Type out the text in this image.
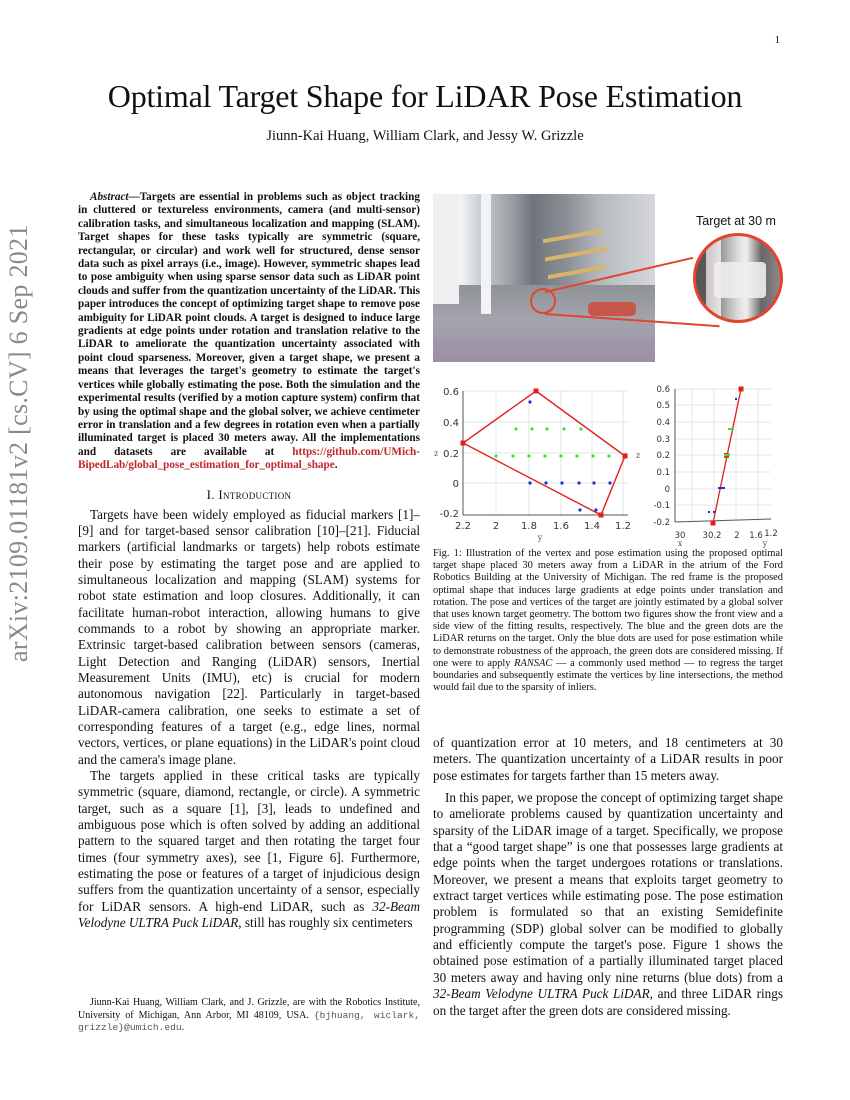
1
arXiv:2109.01181v2 [cs.CV] 6 Sep 2021
Optimal Target Shape for LiDAR Pose Estimation
Jiunn-Kai Huang, William Clark, and Jessy W. Grizzle
Abstract—Targets are essential in problems such as object tracking in cluttered or textureless environments, camera (and multi-sensor) calibration tasks, and simultaneous localization and mapping (SLAM). Target shapes for these tasks typically are symmetric (square, rectangular, or circular) and work well for structured, dense sensor data such as pixel arrays (i.e., image). However, symmetric shapes lead to pose ambiguity when using sparse sensor data such as LiDAR point clouds and suffer from the quantization uncertainty of the LiDAR. This paper introduces the concept of optimizing target shape to remove pose ambiguity for LiDAR point clouds. A target is designed to induce large gradients at edge points under rotation and translation relative to the LiDAR to ameliorate the quantization uncertainty associated with point cloud sparseness. Moreover, given a target shape, we present a means that leverages the target's geometry to estimate the target's vertices while globally estimating the pose. Both the simulation and the experimental results (verified by a motion capture system) confirm that by using the optimal shape and the global solver, we achieve centimeter error in translation and a few degrees in rotation even when a partially illuminated target is placed 30 meters away. All the implementations and datasets are available at https://github.com/UMich-BipedLab/global_pose_estimation_for_optimal_shape.
I. Introduction

Targets have been widely employed as fiducial markers [1]–[9] and for target-based sensor calibration [10]–[21]. Fiducial markers (artificial landmarks or targets) help robots estimate their pose by estimating the target pose and are applied to simultaneous localization and mapping (SLAM) systems for robot state estimation and loop closures. Additionally, it can facilitate human-robot interaction, allowing humans to give commands to a robot by showing an appropriate marker. Extrinsic target-based calibration between sensors (cameras, Light Detection and Ranging (LiDAR) sensors, Inertial Measurement Units (IMU), etc) is crucial for modern autonomous navigation [22]. Particularly in target-based LiDAR-camera calibration, one seeks to estimate a set of corresponding features of a target (e.g., edge lines, normal vectors, vertices, or plane equations) in the LiDAR's point cloud and the camera's image plane.

The targets applied in these critical tasks are typically symmetric (square, diamond, rectangle, or circle). A symmetric target, such as a square [1], [3], leads to undefined and ambiguous pose which is often solved by adding an additional pattern to the squared target and then rotating the target four times (four symmetry axes), see [1, Figure 6]. Furthermore, estimating the pose or features of a target of injudicious design suffers from the quantization uncertainty of a sensor, especially for LiDAR sensors. A high-end LiDAR, such as 32-Beam Velodyne ULTRA Puck LiDAR, still has roughly six centimeters

Jiunn-Kai Huang, William Clark, and J. Grizzle, are with the Robotics Institute, University of Michigan, Ann Arbor, MI 48109, USA. {bjhuang, wiclark, grizzle}@umich.edu.
Target at 30 m
0.6
0.4
0.2
0
-0.2
z
2.2 2 1.8 1.6 1.4 1.2
y
0.6
0.5
0.4
0.3
0.2
0.1
0
-0.1
-0.2
z
30 30.2 2 1.6 1.2
x	y
Fig. 1: Illustration of the vertex and pose estimation using the proposed optimal target shape placed 30 meters away from a LiDAR in the atrium of the Ford Robotics Building at the University of Michigan. The red frame is the proposed optimal shape that induces large gradients at edge points under translation and rotation. The pose and vertices of the target are jointly estimated by a global solver that uses known target geometry. The bottom two figures show the front view and a side view of the fitting results, respectively. The blue and the green dots are the LiDAR returns on the target. Only the blue dots are used for pose estimation while to demonstrate robustness of the approach, the green dots are considered missing. If one were to apply RANSAC — a commonly used method — to regress the target boundaries and subsequently estimate the vertices by line intersections, the method would fail due to the sparsity of inliers.
of quantization error at 10 meters, and 18 centimeters at 30 meters. The quantization uncertainty of a LiDAR results in poor pose estimates for targets farther than 15 meters away.

In this paper, we propose the concept of optimizing target shape to ameliorate problems caused by quantization uncertainty and sparsity of the LiDAR image of a target. Specifically, we propose that a “good target shape” is one that possesses large gradients at edge points when the target undergoes rotations or translations. Moreover, we present a means that exploits target geometry to extract target vertices while estimating pose. The pose estimation problem is formulated so that an existing Semidefinite programming (SDP) global solver can be modified to globally and efficiently compute the target's pose. Figure 1 shows the obtained pose estimation of a partially illuminated target placed 30 meters away and having only nine returns (blue dots) from a 32-Beam Velodyne ULTRA Puck LiDAR, and three LiDAR rings on the target after the green dots are considered missing.
